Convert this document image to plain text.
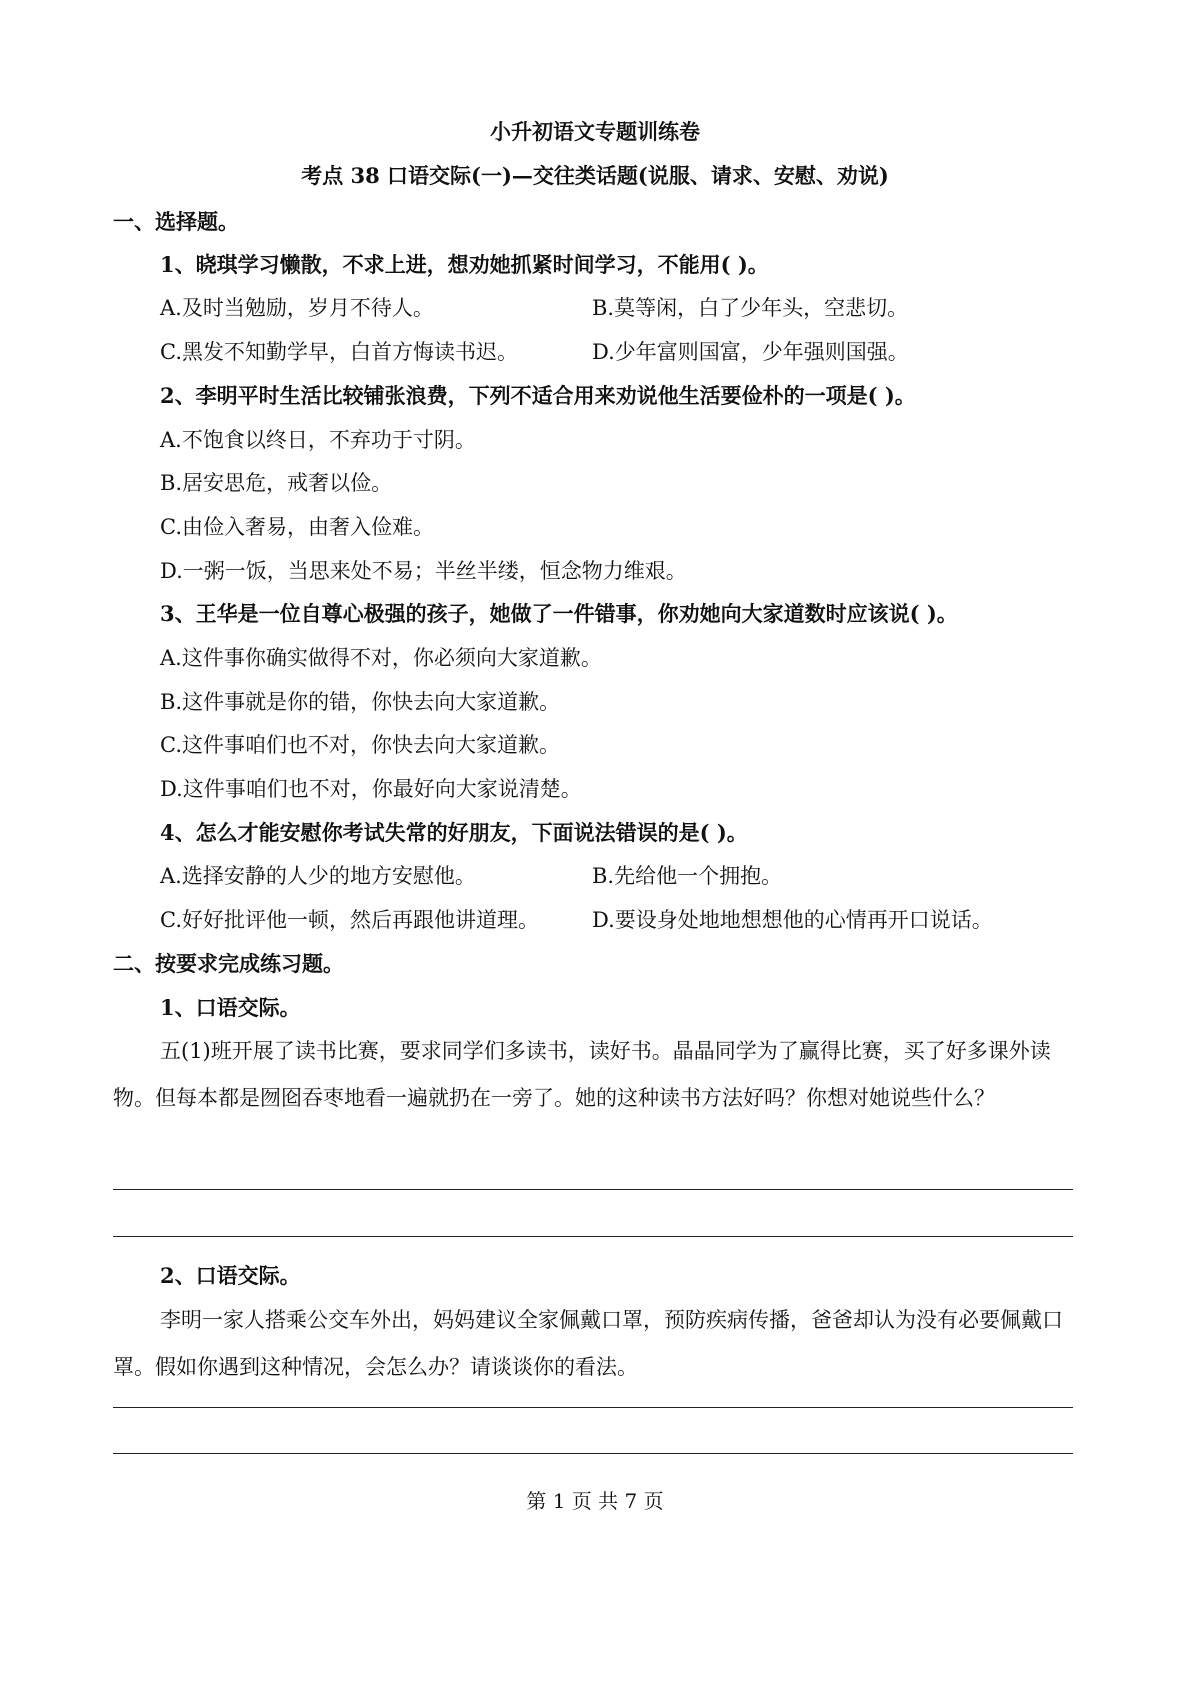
小升初语文专题训练卷
考点 38 口语交际(一)—交往类话题(说服、请求、安慰、劝说)
一、选择题。
1、晓琪学习懒散，不求上进，想劝她抓紧时间学习，不能用( )。
A.及时当勉励，岁月不待人。	B.莫等闲，白了少年头，空悲切。
C.黑发不知勤学早，白首方悔读书迟。	D.少年富则国富，少年强则国强。
2、李明平时生活比较铺张浪费，下列不适合用来劝说他生活要俭朴的一项是( )。
A.不饱食以终日，不弃功于寸阴。
B.居安思危，戒奢以俭。
C.由俭入奢易，由奢入俭难。
D.一粥一饭，当思来处不易；半丝半缕，恒念物力维艰。
3、王华是一位自尊心极强的孩子，她做了一件错事，你劝她向大家道数时应该说( )。
A.这件事你确实做得不对，你必须向大家道歉。
B.这件事就是你的错，你快去向大家道歉。
C.这件事咱们也不对，你快去向大家道歉。
D.这件事咱们也不对，你最好向大家说清楚。
4、怎么才能安慰你考试失常的好朋友，下面说法错误的是( )。
A.选择安静的人少的地方安慰他。	B.先给他一个拥抱。
C.好好批评他一顿，然后再跟他讲道理。	D.要设身处地地想想他的心情再开口说话。
二、按要求完成练习题。
1、口语交际。
五(1)班开展了读书比赛，要求同学们多读书，读好书。晶晶同学为了赢得比赛，买了好多课外读物。但每本都是囫囵吞枣地看一遍就扔在一旁了。她的这种读书方法好吗？你想对她说些什么？
2、口语交际。
李明一家人搭乘公交车外出，妈妈建议全家佩戴口罩，预防疾病传播，爸爸却认为没有必要佩戴口罩。假如你遇到这种情况，会怎么办？请谈谈你的看法。
第 1 页 共 7 页
